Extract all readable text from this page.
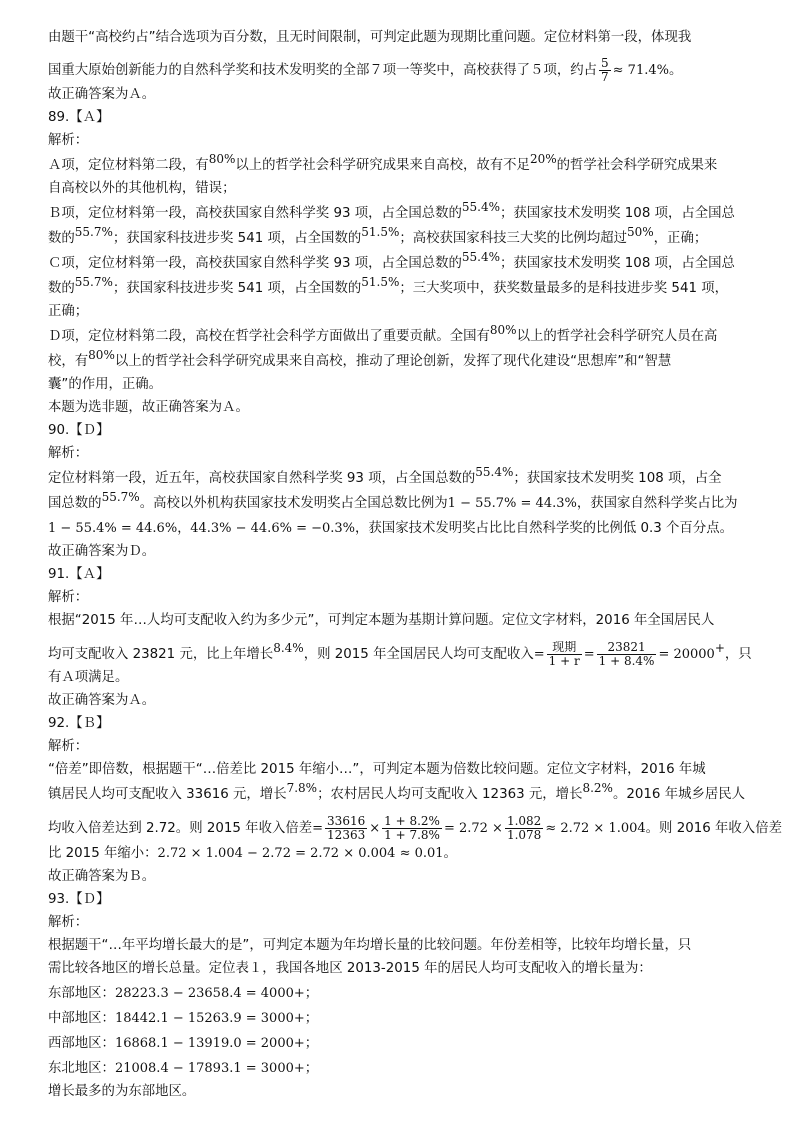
由题干“高校约占”结合选项为百分数，且无时间限制，可判定此题为现期比重问题。定位材料第一段，体现我
国重大原始创新能力的自然科学奖和技术发明奖的全部７项一等奖中，高校获得了５项，约占 $\frac{5}{7} \approx 71.4\%$。
故正确答案为Ａ。
89.【Ａ】
解析：
Ａ项，定位材料第二段，有80%以上的哲学社会科学研究成果来自高校，故有不足20%的哲学社会科学研究成果来
自高校以外的其他机构，错误；
Ｂ项，定位材料第一段，高校获国家自然科学奖 93 项，占全国总数的55.4%；获国家技术发明奖 108 项，占全国总
数的55.7%；获国家科技进步奖 541 项，占全国数的51.5%；高校获国家科技三大奖的比例均超过50%，正确；
Ｃ项，定位材料第一段，高校获国家自然科学奖 93 项，占全国总数的55.4%；获国家技术发明奖 108 项，占全国总
数的55.7%；获国家科技进步奖 541 项，占全国数的51.5%；三大奖项中，获奖数量最多的是科技进步奖 541 项，
正确；
Ｄ项，定位材料第二段，高校在哲学社会科学方面做出了重要贡献。全国有80%以上的哲学社会科学研究人员在高
校，有80%以上的哲学社会科学研究成果来自高校，推动了理论创新，发挥了现代化建设“思想库”和“智慧
囊”的作用，正确。
本题为选非题，故正确答案为Ａ。
90.【Ｄ】
解析：
定位材料第一段，近五年，高校获国家自然科学奖 93 项，占全国总数的55.4%；获国家技术发明奖 108 项，占全
国总数的55.7%。高校以外机构获国家技术发明奖占全国总数比例为1 − 55.7% = 44.3%，获国家自然科学奖占比为
1 − 55.4% = 44.6%，44.3% − 44.6% = −0.3%，获国家技术发明奖占比比自然科学奖的比例低 0.3 个百分点。
故正确答案为Ｄ。
91.【Ａ】
解析：
根据“2015 年…人均可支配收入约为多少元”，可判定本题为基期计算问题。定位文字材料，2016 年全国居民人
均可支配收入 23821 元，比上年增长8.4%，则 2015 年全国居民人均可支配收入= $\frac{\text{现期}}{1 + r} = \frac{23821}{1 + 8.4\%} = 20000+$，只
有Ａ项满足。
故正确答案为Ａ。
92.【Ｂ】
解析：
“倍差”即倍数，根据题干“…倍差比 2015 年缩小…”，可判定本题为倍数比较问题。定位文字材料，2016 年城
镇居民人均可支配收入 33616 元，增长7.8%；农村居民人均可支配收入 12363 元，增长8.2%。2016 年城乡居民人
均收入倍差达到 2.72。则 2015 年收入倍差= $\frac{33616}{12363} \times \frac{1 + 8.2\%}{1 + 7.8\%} = 2.72 \times \frac{1.082}{1.078} \approx 2.72 \times 1.004$。则 2016 年收入倍差
比 2015 年缩小：2.72 × 1.004 − 2.72 = 2.72 × 0.004 ≈ 0.01。
故正确答案为Ｂ。
93.【Ｄ】
解析：
根据题干“…年平均增长最大的是”，可判定本题为年均增长量的比较问题。年份差相等，比较年均增长量，只
需比较各地区的增长总量。定位表１，我国各地区 2013-2015 年的居民人均可支配收入的增长量为：
东部地区：28223.3 − 23658.4 = 4000+；
中部地区：18442.1 − 15263.9 = 3000+；
西部地区：16868.1 − 13919.0 = 2000+；
东北地区：21008.4 − 17893.1 = 3000+；
增长最多的为东部地区。
